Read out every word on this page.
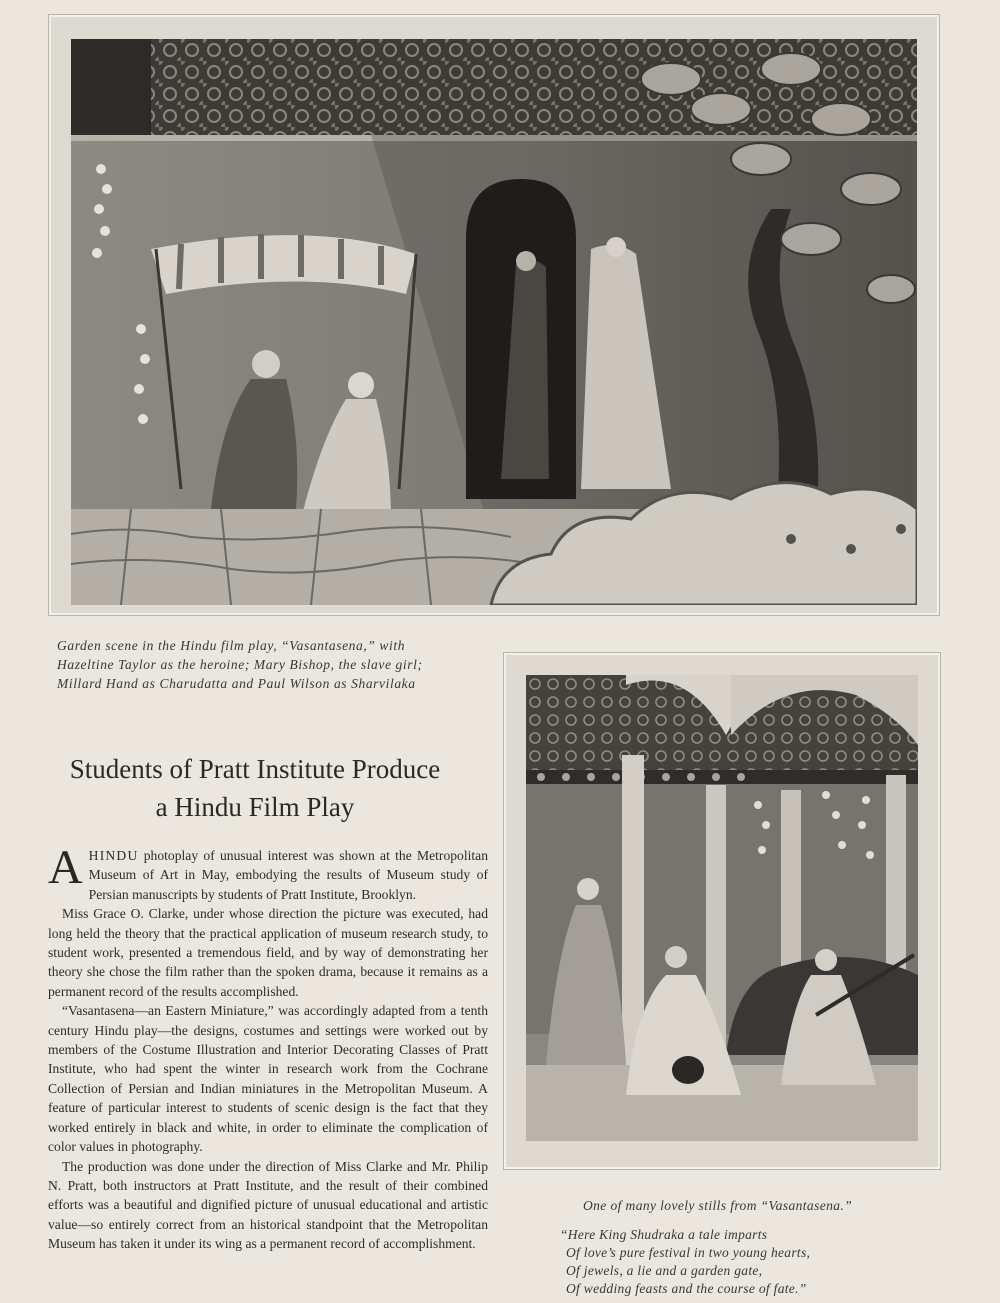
Garden scene in the Hindu film play, “Vasantasena,” with
Hazeltine Taylor as the heroine; Mary Bishop, the slave girl;
Millard Hand as Charudatta and Paul Wilson as Sharvilaka
Students of Pratt Institute Produce
a Hindu Film Play

AHINDU photoplay of unusual interest was shown at the Metropolitan Museum of Art in May, embodying the results of Museum study of Persian manuscripts by students of Pratt Institute, Brooklyn.

Miss Grace O. Clarke, under whose direction the picture was executed, had long held the theory that the practical application of museum research study, to student work, presented a tremendous field, and by way of demonstrating her theory she chose the film rather than the spoken drama, because it remains as a permanent record of the results accomplished.

“Vasantasena—an Eastern Miniature,” was accordingly adapted from a tenth century Hindu play—the designs, costumes and settings were worked out by members of the Costume Illustration and Interior Decorating Classes of Pratt Institute, who had spent the winter in research work from the Cochrane Collection of Persian and Indian miniatures in the Metropolitan Museum. A feature of particular interest to students of scenic design is the fact that they worked entirely in black and white, in order to eliminate the complication of color values in photography.

The production was done under the direction of Miss Clarke and Mr. Philip N. Pratt, both instructors at Pratt Institute, and the result of their combined efforts was a beautiful and dignified picture of unusual educational and artistic value—so entirely correct from an historical standpoint that the Metropolitan Museum has taken it under its wing as a permanent record of accomplishment.

One of many lovely stills from “Vasantasena.”
“Here King Shudraka a tale imparts
Of love’s pure festival in two young hearts,
Of jewels, a lie and a garden gate,
Of wedding feasts and the course of fate.”
